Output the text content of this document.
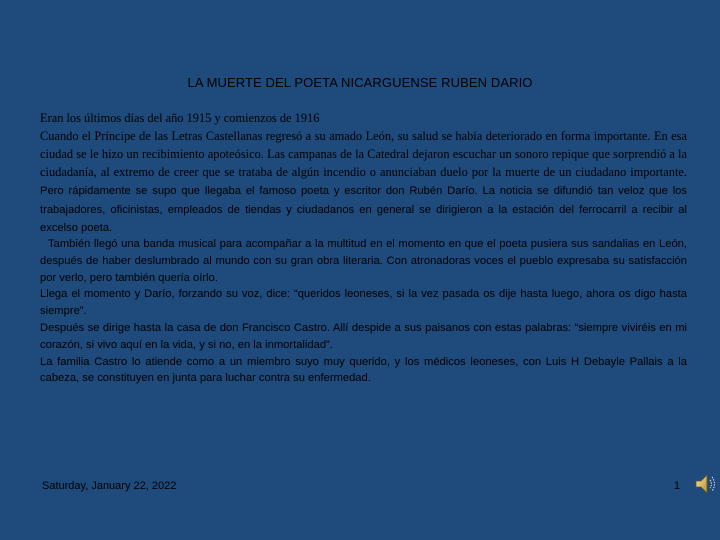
LA MUERTE DEL POETA NICARGUENSE RUBEN DARIO
Eran los últimos días del año 1915 y comienzos de 1916
Cuando el Príncipe de las Letras Castellanas regresó a su amado León, su salud se había deteriorado en forma importante. En esa ciudad se le hizo un recibimiento apoteósico. Las campanas de la Catedral dejaron escuchar un sonoro repique que sorprendió a la ciudadanía, al extremo de creer que se trataba de algún incendio o anunciaban duelo por la muerte de un ciudadano importante. Pero rápidamente se supo que llegaba el famoso poeta y escritor don Rubén Darío. La noticia se difundió tan veloz que los trabajadores, oficinistas, empleados de tiendas y ciudadanos en general se dirigieron a la estación del ferrocarril a recibir al excelso poeta.
También llegó una banda musical para acompañar a la multitud en el momento en que el poeta pusiera sus sandalias en León, después de haber deslumbrado al mundo con su gran obra literaria. Con atronadoras voces el pueblo expresaba su satisfacción por verlo, pero también quería oírlo.
Llega el momento y Darío, forzando su voz, dice: “queridos leoneses, si la vez pasada os dije hasta luego, ahora os digo hasta siempre”.
Después se dirige hasta la casa de don Francisco Castro. Allí despide a sus paisanos con estas palabras: “siempre viviréis en mi corazón, si vivo aquí en la vida, y si no, en la inmortalidad”.
La familia Castro lo atiende como a un miembro suyo muy querido, y los médicos leoneses, con Luis H Debayle Pallais a la cabeza, se constituyen en junta para luchar contra su enfermedad.
Saturday, January 22, 2022	1
